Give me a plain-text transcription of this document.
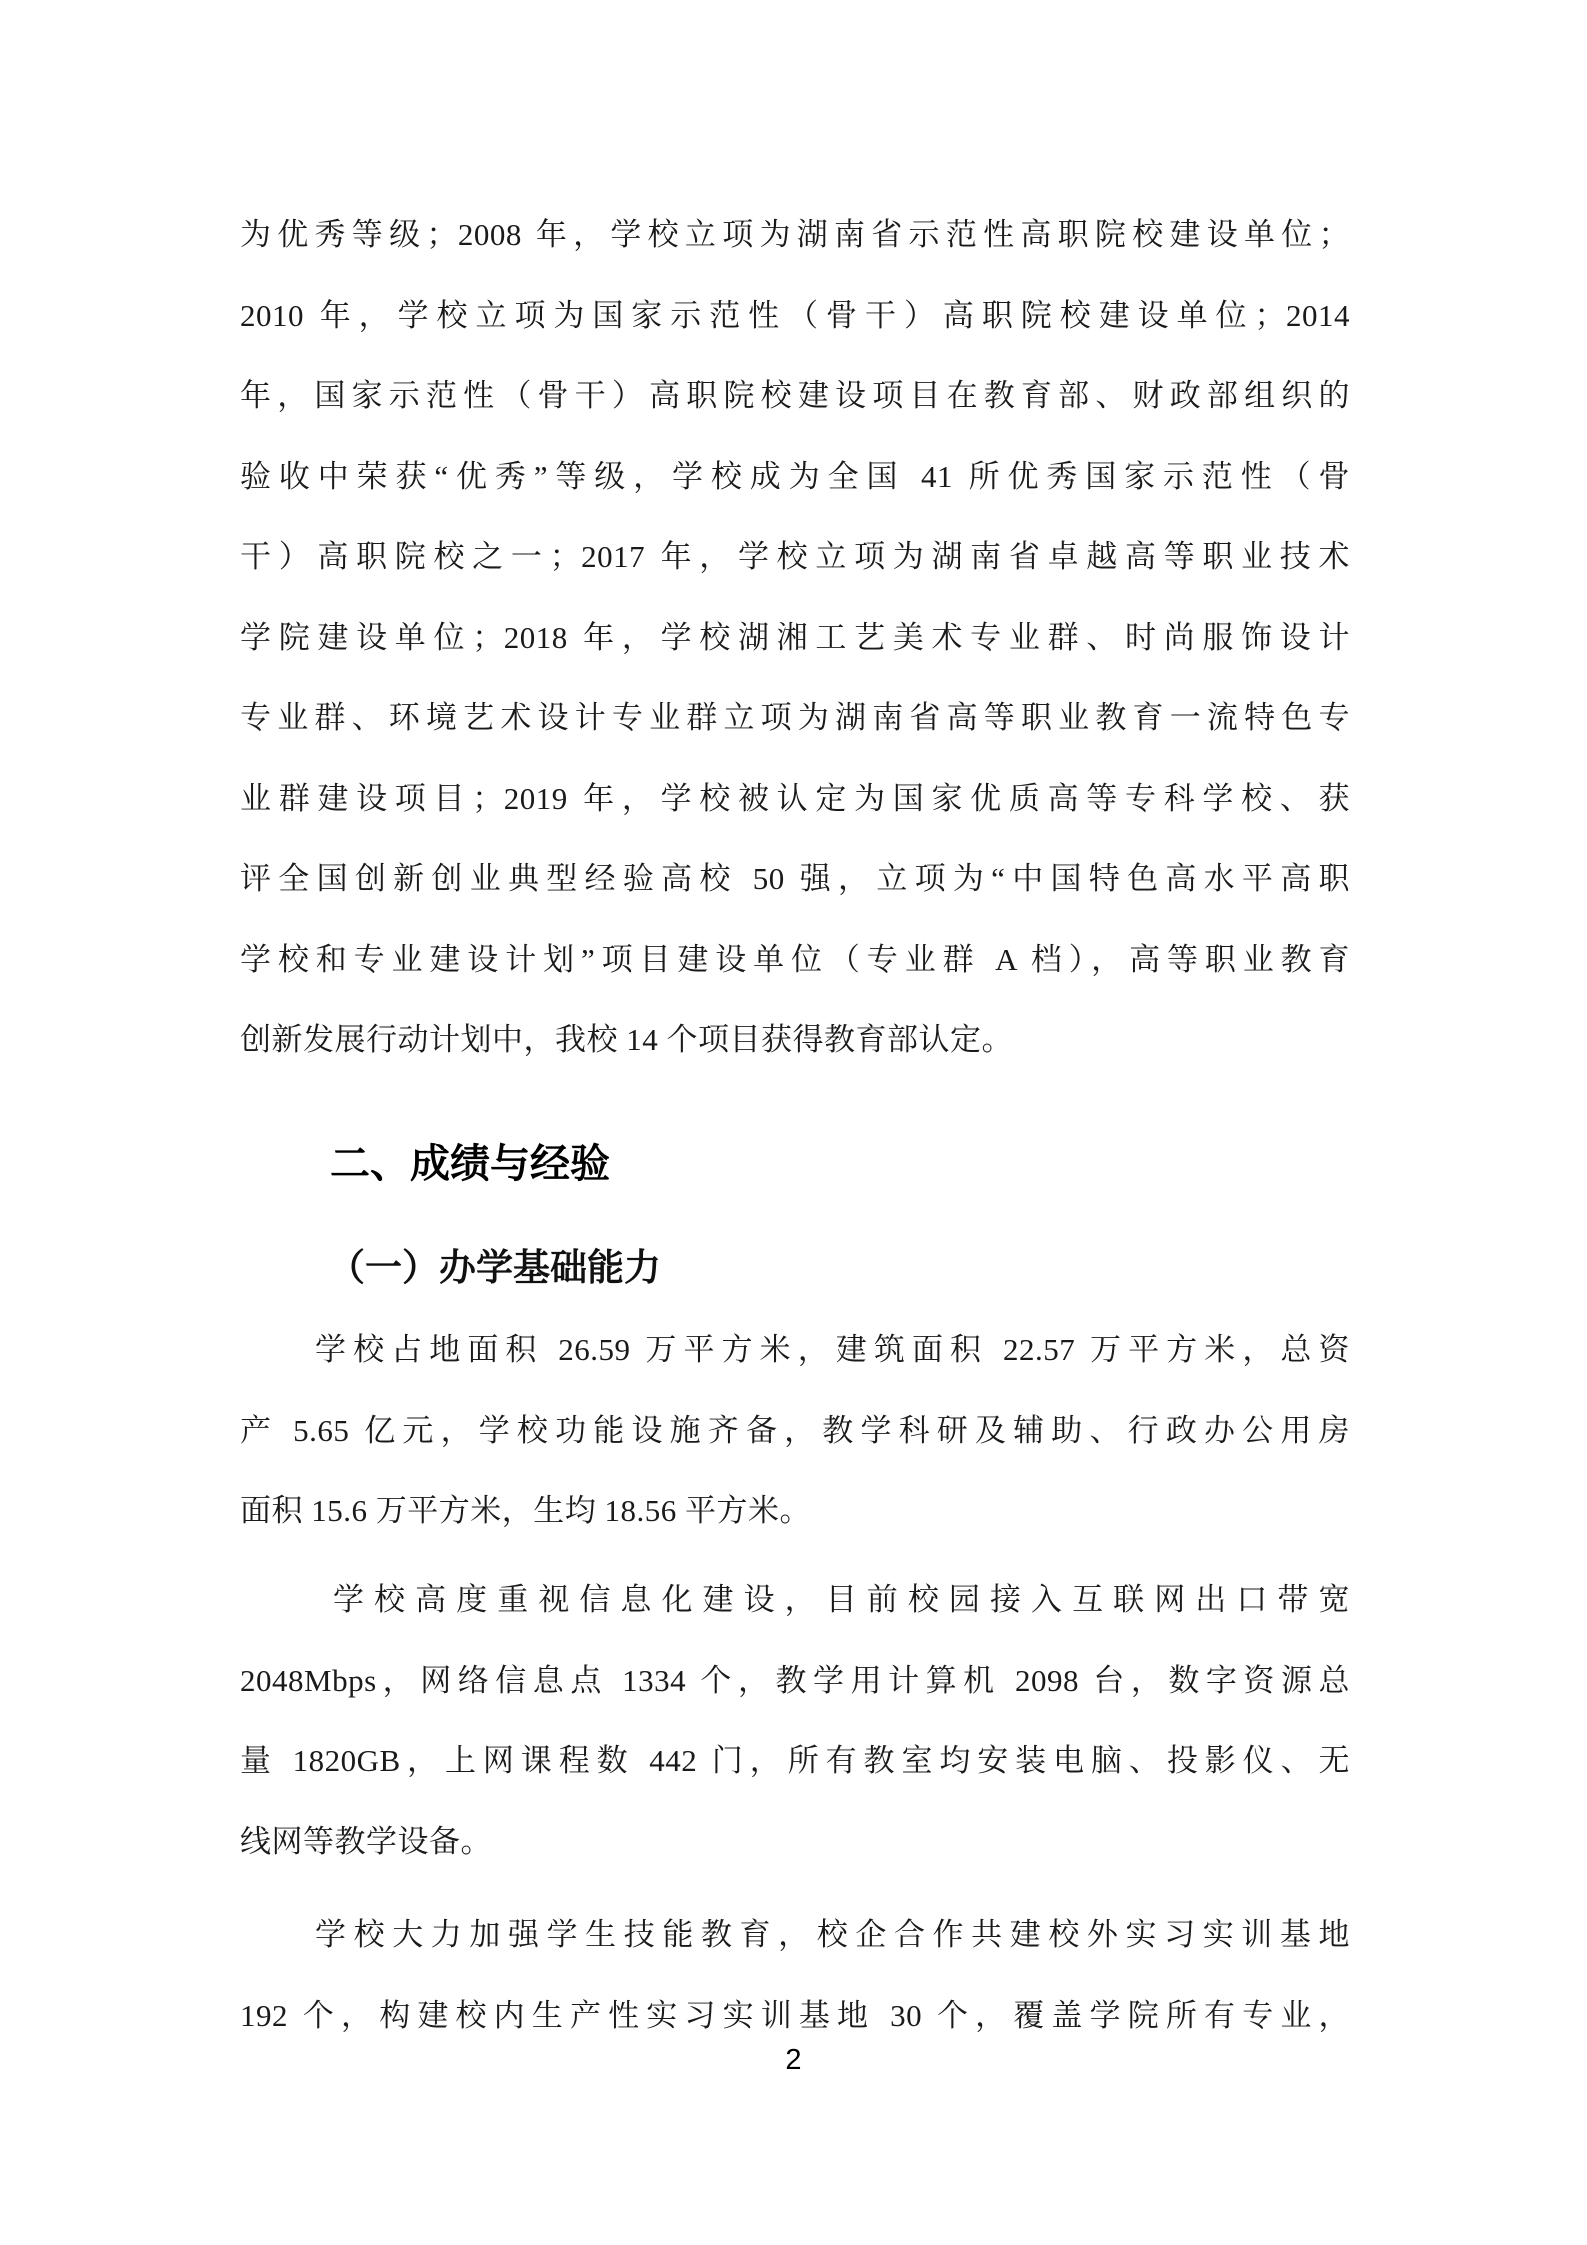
为优秀等级；2008 年，学校立项为湖南省示范性高职院校建设单位；
2010 年，学校立项为国家示范性（骨干）高职院校建设单位；2014
年，国家示范性（骨干）高职院校建设项目在教育部、财政部组织的
验收中荣获“优秀”等级，学校成为全国 41 所优秀国家示范性（骨
干）高职院校之一；2017 年，学校立项为湖南省卓越高等职业技术
学院建设单位；2018 年，学校湖湘工艺美术专业群、时尚服饰设计
专业群、环境艺术设计专业群立项为湖南省高等职业教育一流特色专
业群建设项目；2019 年，学校被认定为国家优质高等专科学校、获
评全国创新创业典型经验高校 50 强，立项为“中国特色高水平高职
学校和专业建设计划”项目建设单位（专业群 A 档），高等职业教育
创新发展行动计划中，我校 14 个项目获得教育部认定。
二、成绩与经验
（一）办学基础能力
学校占地面积 26.59 万平方米，建筑面积 22.57 万平方米，总资
产 5.65 亿元，学校功能设施齐备，教学科研及辅助、行政办公用房
面积 15.6 万平方米，生均 18.56 平方米。
学校高度重视信息化建设，目前校园接入互联网出口带宽
2048Mbps，网络信息点 1334 个，教学用计算机 2098 台，数字资源总
量 1820GB，上网课程数 442 门，所有教室均安装电脑、投影仪、无
线网等教学设备。
学校大力加强学生技能教育，校企合作共建校外实习实训基地
192 个，构建校内生产性实习实训基地 30 个，覆盖学院所有专业，
2
